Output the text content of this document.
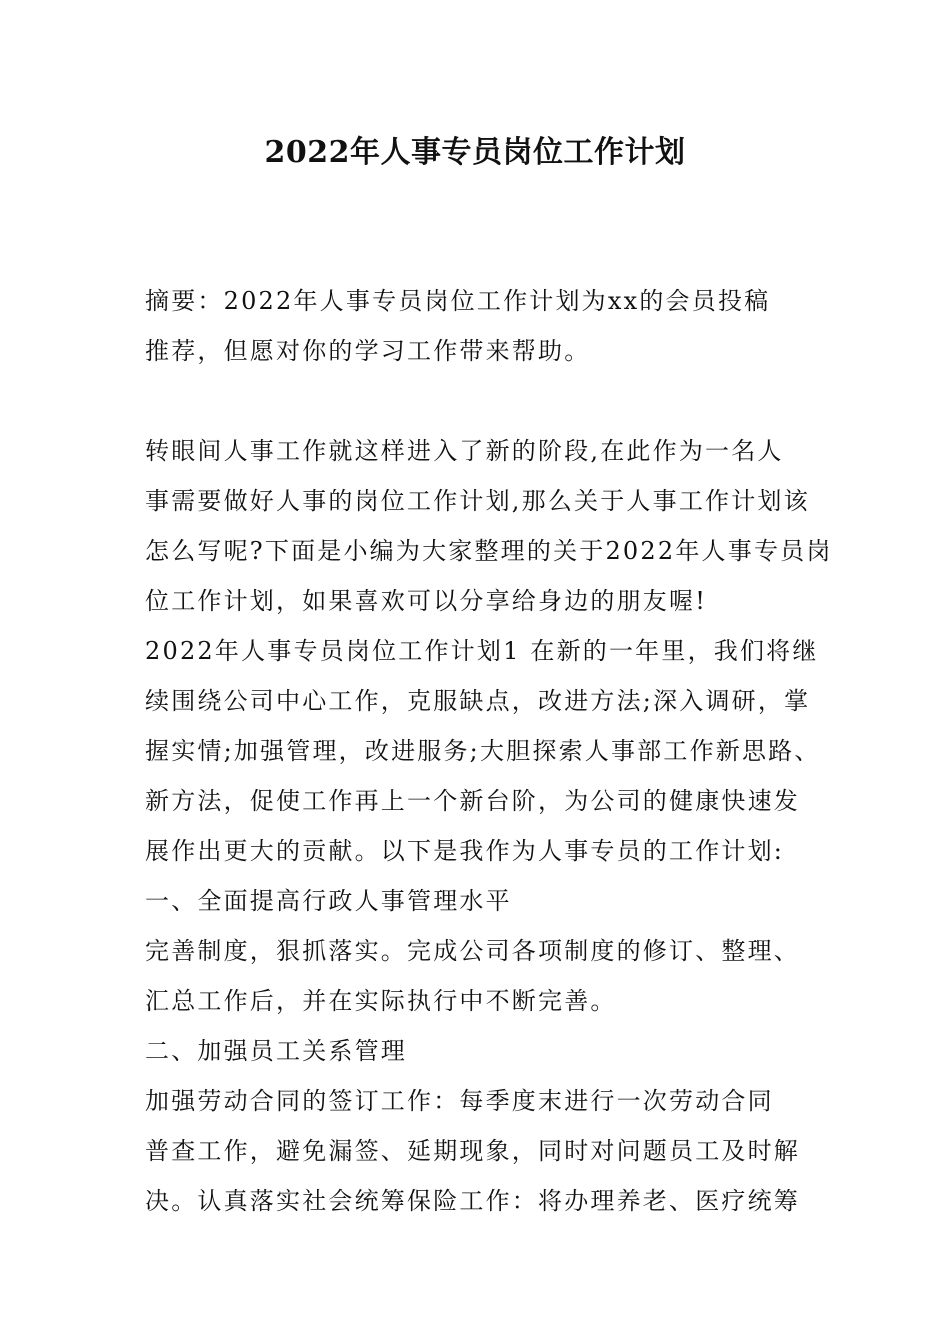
2022年人事专员岗位工作计划
摘要：2022年人事专员岗位工作计划为xx的会员投稿
推荐，但愿对你的学习工作带来帮助。
转眼间人事工作就这样进入了新的阶段,在此作为一名人
事需要做好人事的岗位工作计划,那么关于人事工作计划该
怎么写呢?下面是小编为大家整理的关于2022年人事专员岗
位工作计划，如果喜欢可以分享给身边的朋友喔!
2022年人事专员岗位工作计划1 在新的一年里，我们将继
续围绕公司中心工作，克服缺点，改进方法;深入调研，掌
握实情;加强管理，改进服务;大胆探索人事部工作新思路、
新方法，促使工作再上一个新台阶，为公司的健康快速发
展作出更大的贡献。以下是我作为人事专员的工作计划:
一、全面提高行政人事管理水平
完善制度，狠抓落实。完成公司各项制度的修订、整理、
汇总工作后，并在实际执行中不断完善。
二、加强员工关系管理
加强劳动合同的签订工作：每季度末进行一次劳动合同
普查工作，避免漏签、延期现象，同时对问题员工及时解
决。认真落实社会统筹保险工作：将办理养老、医疗统筹
